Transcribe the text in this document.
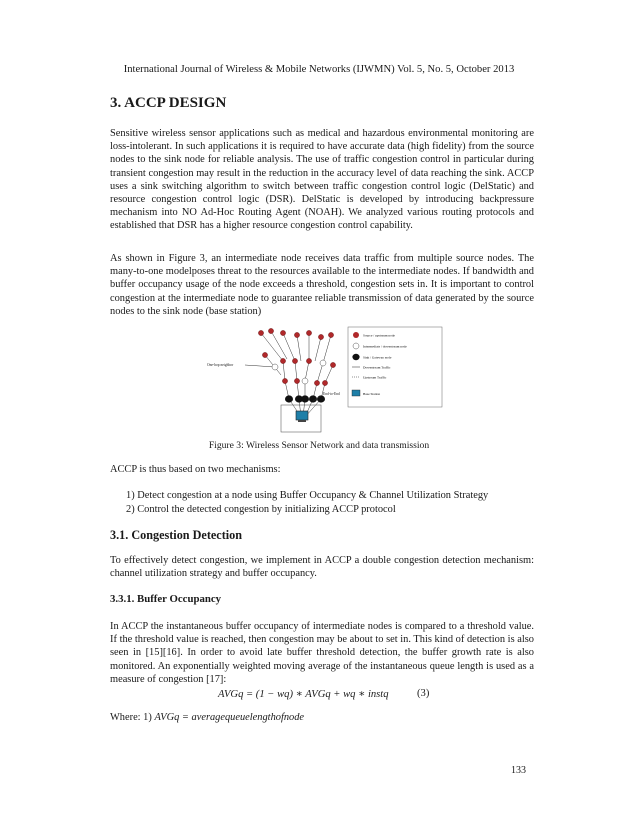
International Journal of Wireless & Mobile Networks (IJWMN) Vol. 5, No. 5, October 2013
3. ACCP DESIGN

Sensitive wireless sensor applications such as medical and hazardous environmental monitoring are loss-intolerant. In such applications it is required to have accurate data (high fidelity) from the source nodes to the sink node for reliable analysis. The use of traffic congestion control in particular during transient congestion may result in the reduction in the accuracy level of data reaching the sink. ACCP uses a sink switching algorithm to switch between traffic congestion control logic (DelStatic) and resource congestion control logic (DSR). DelStatic is developed by introducing backpressure mechanism into NO Ad-Hoc Routing Agent (NOAH). We analyzed various routing protocols and established that DSR has a higher resource congestion control capability.

As shown in Figure 3, an intermediate node receives data traffic from multiple source nodes. The many-to-one modelposes threat to the resources available to the intermediate nodes. If bandwidth and buffer occupancy usage of the node exceeds a threshold, congestion sets in. It is important to control congestion at the intermediate node to guarantee reliable transmission of data generated by the source nodes to the sink node (base station)

One-hop neighbor
End-to-End
Source / upstream node
Intermediate / downstream node
Sink / Gateway node
Downstream Traffic
Upstream Traffic
Base Station
Figure 3: Wireless Sensor Network and data transmission
ACCP is thus based on two mechanisms:
1) Detect congestion at a node using Buffer Occupancy & Channel Utilization Strategy
2) Control the detected congestion by initializing ACCP protocol
3.1. Congestion Detection

To effectively detect congestion, we implement in ACCP a double congestion detection mechanism: channel utilization strategy and buffer occupancy.

3.3.1. Buffer Occupancy

In ACCP the instantaneous buffer occupancy of intermediate nodes is compared to a threshold value. If the threshold value is reached, then congestion may be about to set in. This kind of detection is also seen in [15][16]. In order to avoid late buffer threshold detection, the buffer growth rate is also monitored. An exponentially weighted moving average of the instantaneous queue length is used as a measure of congestion [17]:

AVGq = (1 − wq) ∗ AVGq + wq ∗ instq	(3)
Where: 1) AVGq = averagequeuelengthofnode
133
